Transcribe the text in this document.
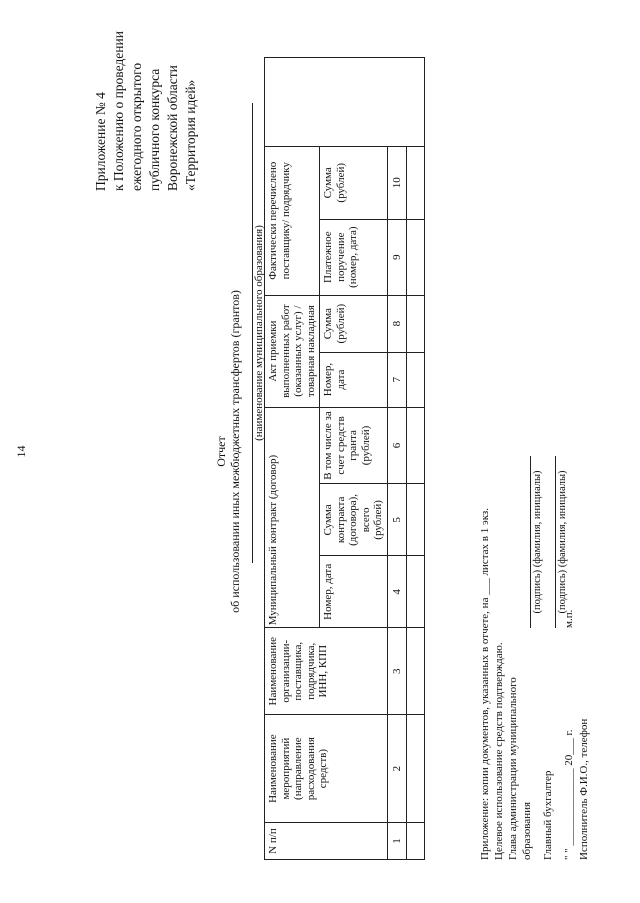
14
Приложение № 4 к Положению о проведении ежегодного открытого публичного конкурса Воронежской области «Территория идей»
Отчет об использовании иных межбюджетных трансфертов (грантов) (наименование муниципального образования)
N п/п	Наименование мероприятий (направление расходования средств)	Наименование организации-поставщика, подрядчика, ИНН, КПП	Муниципальный контракт (договор)			Акт приемки выполненных работ (оказанных услуг) / товарная накладная		Фактически перечислено поставщику/ подрядчику		
			Номер, дата	Сумма контракта (договора), всего (рублей)	В том числе за счет средств гранта (рублей)	Номер, дата	Сумма (рублей)	Платежное поручение (номер, дата)	Сумма (рублей)	
1	2	3	4	5	6	7	8	9	10	

Приложение: копии документов, указанных в отчете, на ___ листах в 1 экз. Целевое использование средств подтверждаю. Глава администрации муниципального образования
(подпись) (фамилия, инициалы)
Главный бухгалтер
(подпись) (фамилия, инициалы)
" " ______________ 20___ г.
м.п.
Исполнитель Ф.И.О., телефон
